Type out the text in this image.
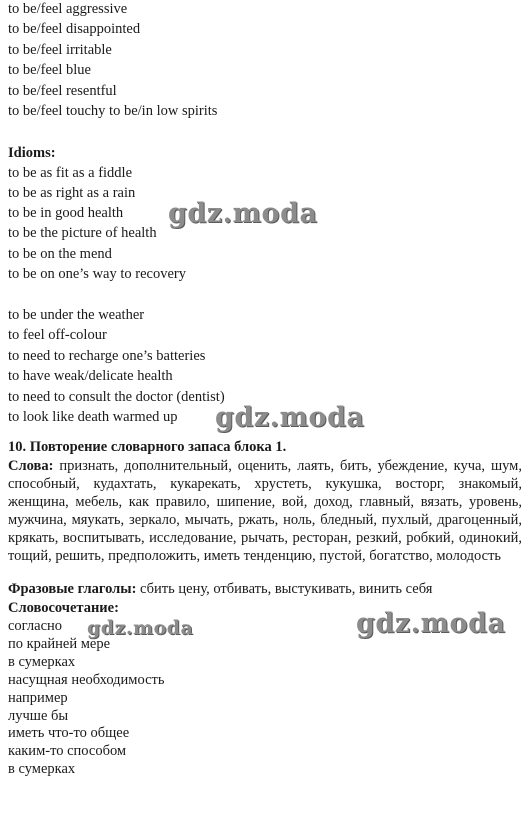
to be/feel aggressive
to be/feel disappointed
to be/feel irritable
to be/feel blue
to be/feel resentful
to be/feel touchy to be/in low spirits
Idioms:
to be as fit as a fiddle
to be as right as a rain
to be in good health
to be the picture of health
to be on the mend
to be on one’s way to recovery
to be under the weather
to feel off-colour
to need to recharge one’s batteries
to have weak/delicate health
to need to consult the doctor (dentist)
to look like death warmed up
10. Повторение словарного запаса блока 1.
Слова: признать, дополнительный, оценить, лаять, бить, убеждение, куча, шум, способный, кудахтать, кукарекать, хрустеть, кукушка, восторг, знакомый, женщина, мебель, как правило, шипение, вой, доход, главный, вязать, уровень, мужчина, мяукать, зеркало, мычать, ржать, ноль, бледный, пухлый, драгоценный, крякать, воспитывать, исследование, рычать, ресторан, резкий, робкий, одинокий, тощий, решить, предположить, иметь тенденцию, пустой, богатство, молодость
Фразовые глаголы: сбить цену, отбивать, выстукивать, винить себя
Словосочетание:
согласно
по крайней мере
в сумерках
насущная необходимость
например
лучше бы
иметь что-то общее
каким-то способом
в сумерках
gdz.moda
gdz.moda
gdz.moda	gdz.moda
